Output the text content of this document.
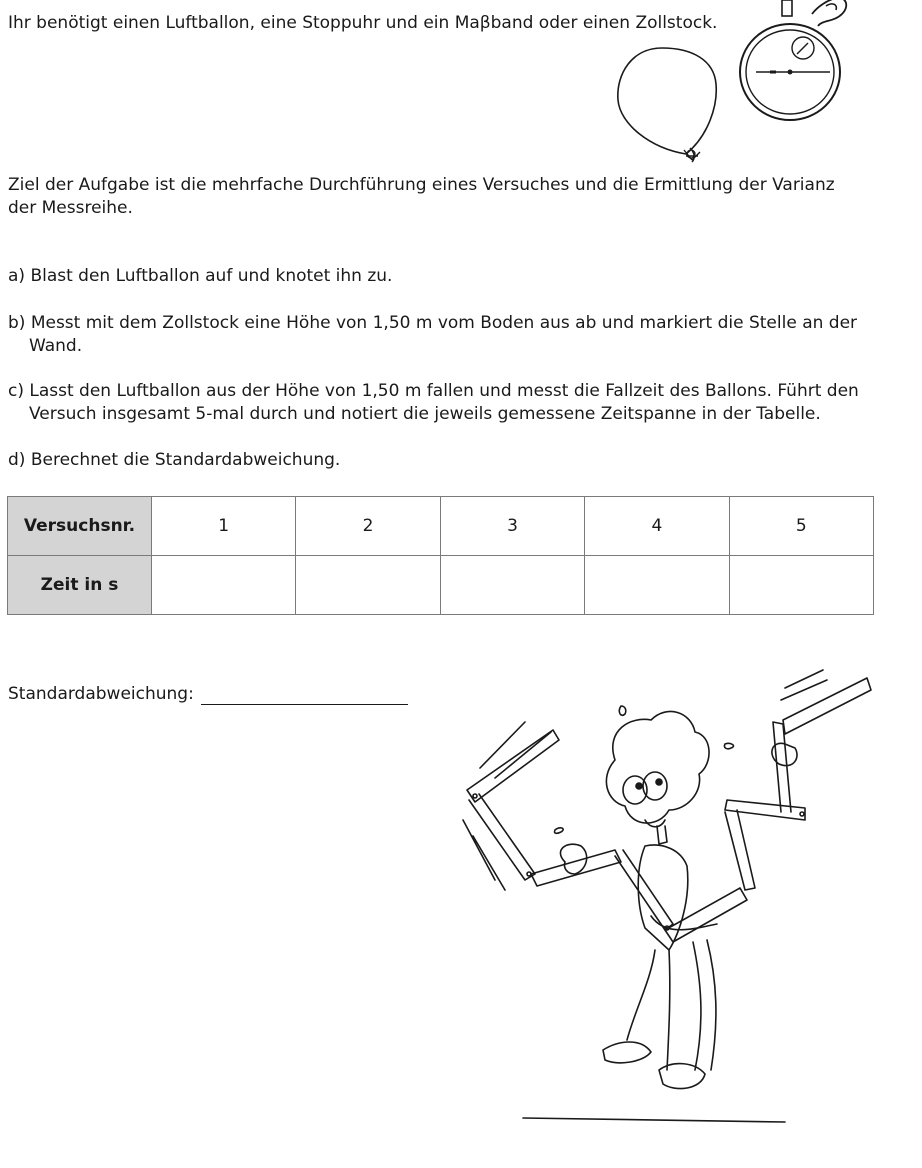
Ihr benötigt einen Luftballon, eine Stoppuhr und ein Maβband oder einen Zollstock.

Ziel der Aufgabe ist die mehrfache Durchführung eines Versuches und die Ermittlung der Varianz der Messreihe.

a) Blast den Luftballon auf und knotet ihn zu.

b) Messt mit dem Zollstock eine Höhe von 1,50 m vom Boden aus ab und markiert die Stelle an der Wand.

c) Lasst den Luftballon aus der Höhe von 1,50 m fallen und messt die Fallzeit des Ballons. Führt den Versuch insgesamt 5-mal durch und notiert die jeweils gemessene Zeitspanne in der Tabelle.

d) Berechnet die Standardabweichung.

Versuchsnr.	1	2	3	4	5
Zeit in s					
Standardabweichung:
